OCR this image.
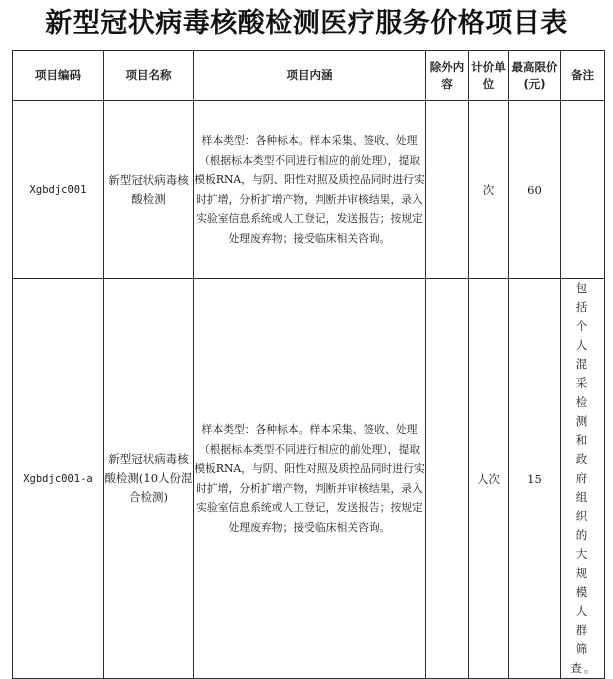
新型冠状病毒核酸检测医疗服务价格项目表
项目编码	项目名称	项目内涵	除外内容	计价单位	最高限价(元)	备注
Xgbdjc001	新型冠状病毒核酸检测	样本类型：各种标本。样本采集、签收、处理（根据标本类型不同进行相应的前处理），提取模板RNA，与阴、阳性对照及质控品同时进行实时扩增，分析扩增产物，判断并审核结果，录入实验室信息系统或人工登记，发送报告；按规定处理废弃物；接受临床相关咨询。		次	60	
Xgbdjc001-a	新型冠状病毒核酸检测(10人份混合检测)	样本类型：各种标本。样本采集、签收、处理（根据标本类型不同进行相应的前处理），提取模板RNA，与阴、阳性对照及质控品同时进行实时扩增，分析扩增产物，判断并审核结果，录入实验室信息系统或人工登记，发送报告；按规定处理废弃物；接受临床相关咨询。		人次	15	包括个人混采检测和政府组织的大规模人群筛查。
